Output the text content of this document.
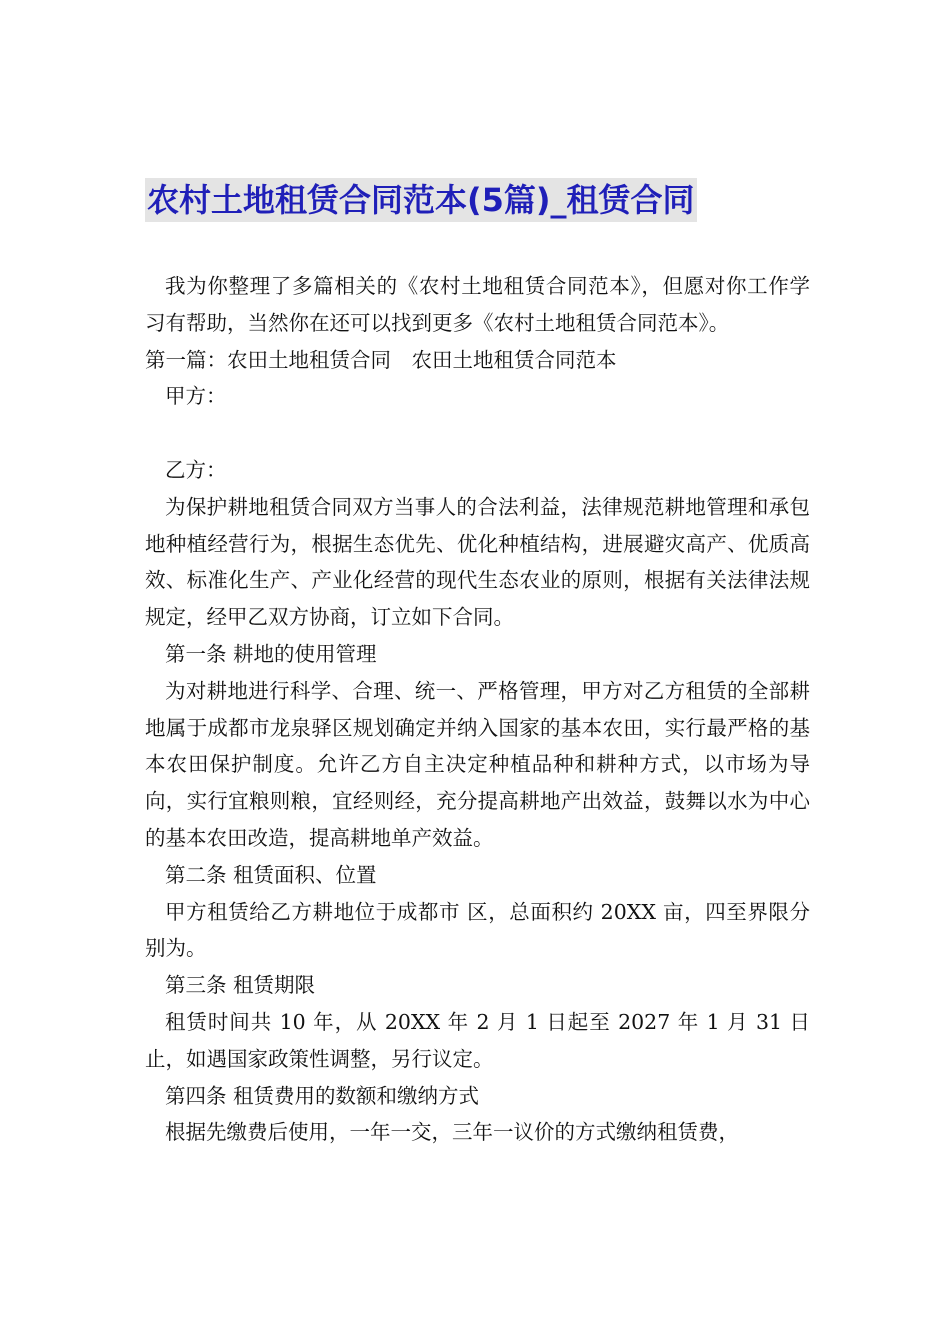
农村土地租赁合同范本(5篇)_租赁合同

我为你整理了多篇相关的《农村土地租赁合同范本》，但愿对你工作学习有帮助，当然你在还可以找到更多《农村土地租赁合同范本》。

第一篇：农田土地租赁合同　农田土地租赁合同范本

甲方：

乙方：

为保护耕地租赁合同双方当事人的合法利益，法律规范耕地管理和承包地种植经营行为，根据生态优先、优化种植结构，进展避灾高产、优质高效、标准化生产、产业化经营的现代生态农业的原则，根据有关法律法规规定，经甲乙双方协商，订立如下合同。

第一条 耕地的使用管理

为对耕地进行科学、合理、统一、严格管理，甲方对乙方租赁的全部耕地属于成都市龙泉驿区规划确定并纳入国家的基本农田，实行最严格的基本农田保护制度。允许乙方自主决定种植品种和耕种方式，以市场为导向，实行宜粮则粮，宜经则经，充分提高耕地产出效益，鼓舞以水为中心的基本农田改造，提高耕地单产效益。

第二条 租赁面积、位置

甲方租赁给乙方耕地位于成都市 区，总面积约 20XX 亩，四至界限分别为。

第三条 租赁期限

租赁时间共 10 年，从 20XX 年 2 月 1 日起至 2027 年 1 月 31 日止，如遇国家政策性调整，另行议定。

第四条 租赁费用的数额和缴纳方式

根据先缴费后使用，一年一交，三年一议价的方式缴纳租赁费，
